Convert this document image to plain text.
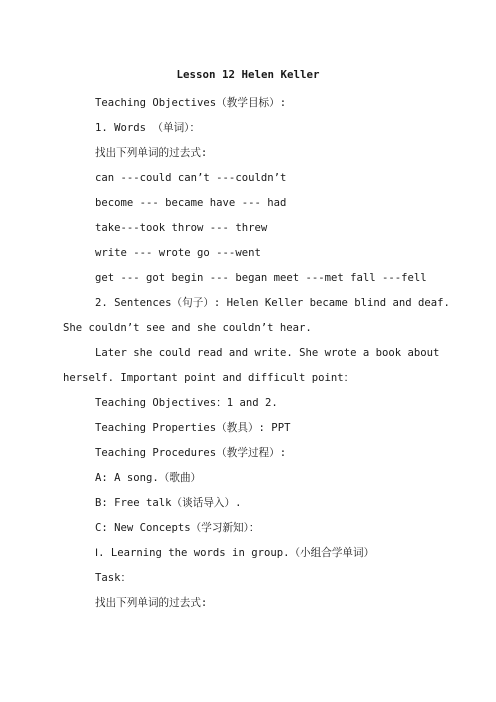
Lesson 12 Helen Keller
Teaching Objectives（教学目标）:
1. Words （单词）：
找出下列单词的过去式:
can ---could can’t ---couldn’t
become --- became have --- had
take---took throw --- threw
write --- wrote go ---went
get --- got begin --- began meet ---met fall ---fell
2. Sentences（句子）: Helen Keller became blind and deaf.
She couldn’t see and she couldn’t hear.
Later she could read and write. She wrote a book about
herself. Important point and difficult point：
Teaching Objectives：1 and 2.
Teaching Properties（教具）: PPT
Teaching Procedures（教学过程）:
A: A song.（歌曲）
B: Free talk（谈话导入）.
C: New Concepts（学习新知）：
Ⅰ. Learning the words in group.（小组合学单词）
Task：
找出下列单词的过去式:
